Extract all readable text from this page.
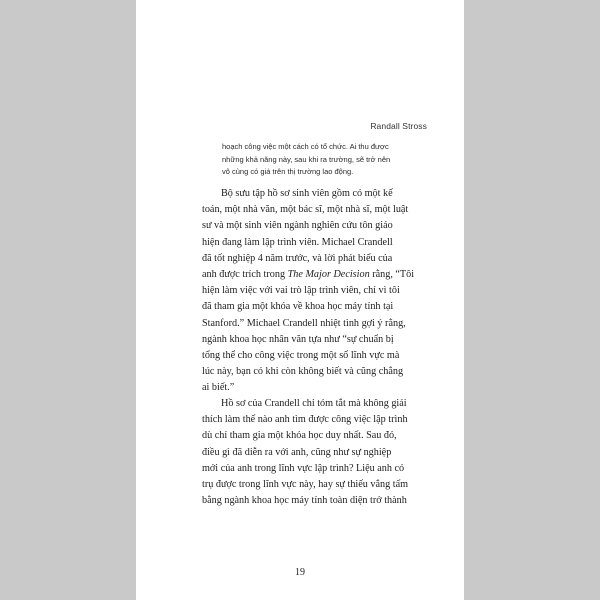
Randall Stross
hoạch công việc một cách có tổ chức. Ai thu được
những khả năng này, sau khi ra trường, sẽ trở nên
vô cùng có giá trên thị trường lao động.
Bộ sưu tập hồ sơ sinh viên gồm có một kế
toán, một nhà văn, một bác sĩ, một nhà sĩ, một luật
sư và một sinh viên ngành nghiên cứu tôn giáo
hiện đang làm lập trình viên. Michael Crandell
đã tốt nghiệp 4 năm trước, và lời phát biểu của
anh được trích trong The Major Decision rằng, “Tôi
hiện làm việc với vai trò lập trình viên, chỉ vì tôi
đã tham gia một khóa về khoa học máy tính tại
Stanford.” Michael Crandell nhiệt tình gợi ý rằng,
ngành khoa học nhân văn tựa như “sự chuẩn bị
tổng thể cho công việc trong một số lĩnh vực mà
lúc này, bạn có khi còn không biết và cũng chẳng
ai biết.”
Hồ sơ của Crandell chỉ tóm tắt mà không giải
thích làm thế nào anh tìm được công việc lập trình
dù chỉ tham gia một khóa học duy nhất. Sau đó,
điều gì đã diễn ra với anh, cũng như sự nghiệp
mới của anh trong lĩnh vực lập trình? Liệu anh có
trụ được trong lĩnh vực này, hay sự thiếu vắng tấm
bằng ngành khoa học máy tính toàn diện trở thành
19
